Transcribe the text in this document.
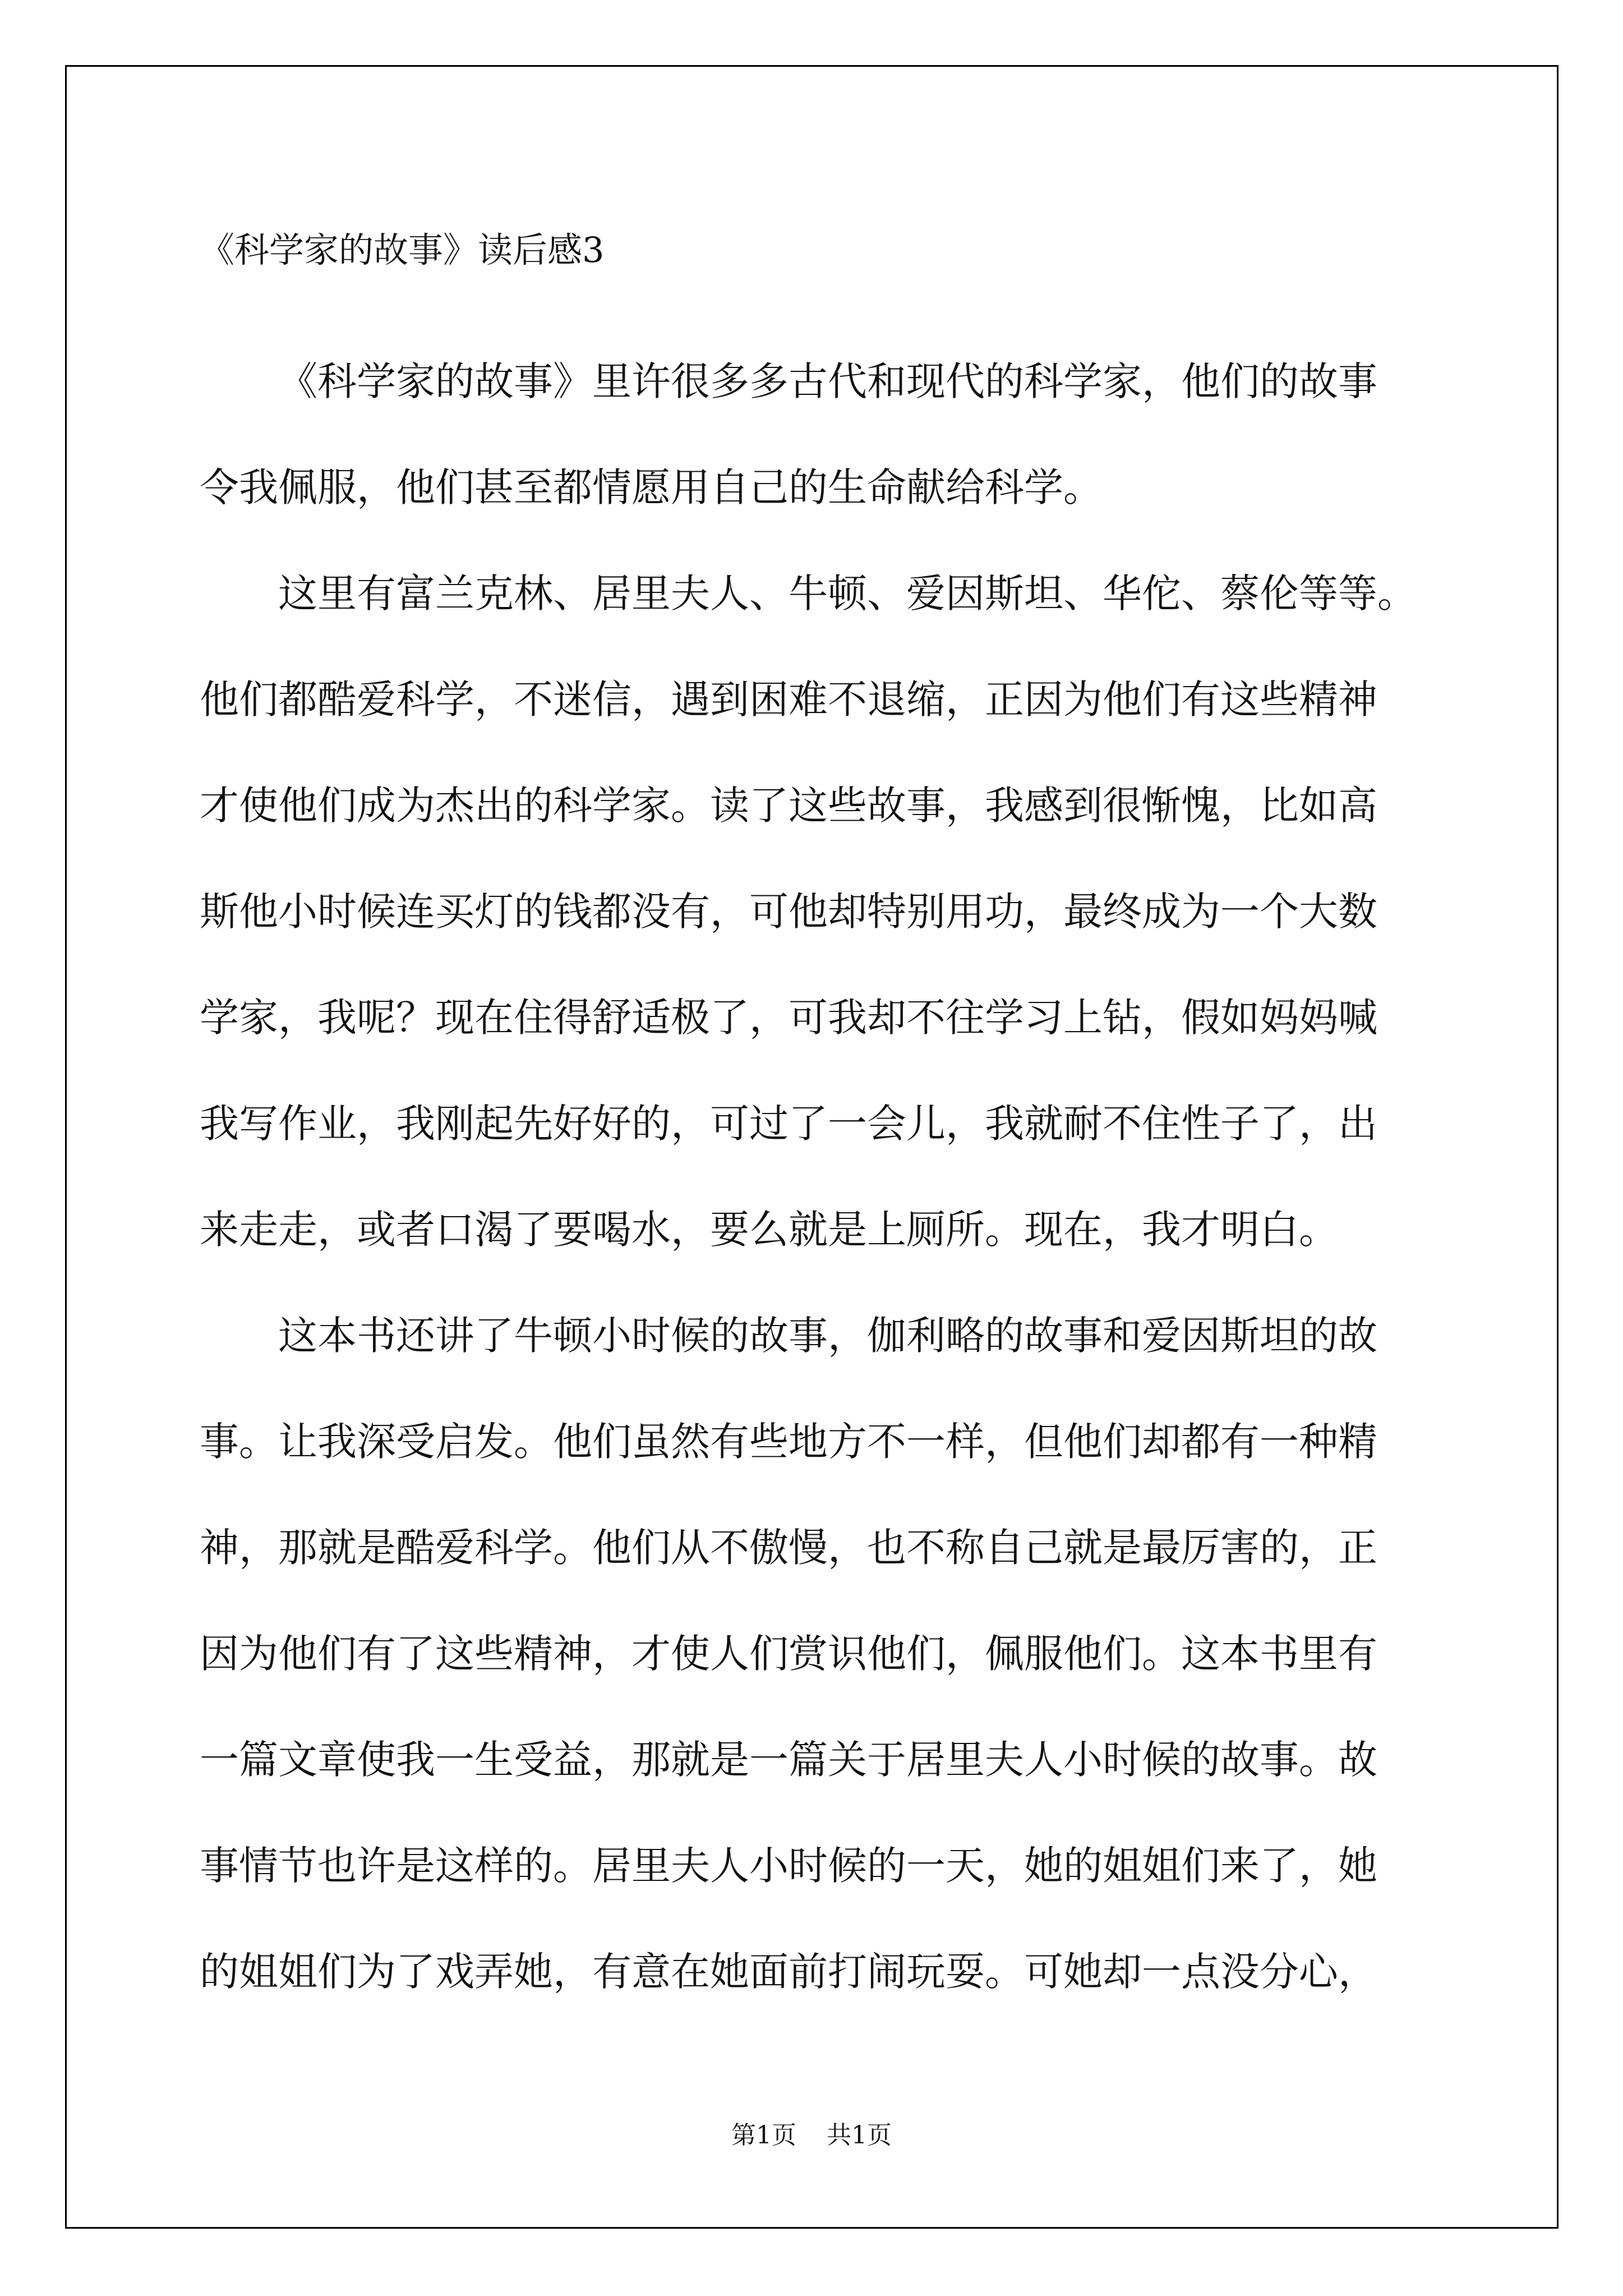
《科学家的故事》读后感3
《科学家的故事》里许很多多古代和现代的科学家，他们的故事
令我佩服，他们甚至都情愿用自己的生命献给科学。
这里有富兰克林、居里夫人、牛顿、爱因斯坦、华佗、蔡伦等等。
他们都酷爱科学，不迷信，遇到困难不退缩，正因为他们有这些精神
才使他们成为杰出的科学家。读了这些故事，我感到很惭愧，比如高
斯他小时候连买灯的钱都没有，可他却特别用功，最终成为一个大数
学家，我呢？现在住得舒适极了，可我却不往学习上钻，假如妈妈喊
我写作业，我刚起先好好的，可过了一会儿，我就耐不住性子了，出
来走走，或者口渴了要喝水，要么就是上厕所。现在，我才明白。
这本书还讲了牛顿小时候的故事，伽利略的故事和爱因斯坦的故
事。让我深受启发。他们虽然有些地方不一样，但他们却都有一种精
神，那就是酷爱科学。他们从不傲慢，也不称自己就是最厉害的，正
因为他们有了这些精神，才使人们赏识他们，佩服他们。这本书里有
一篇文章使我一生受益，那就是一篇关于居里夫人小时候的故事。故
事情节也许是这样的。居里夫人小时候的一天，她的姐姐们来了，她
的姐姐们为了戏弄她，有意在她面前打闹玩耍。可她却一点没分心，
第1页 共1页
